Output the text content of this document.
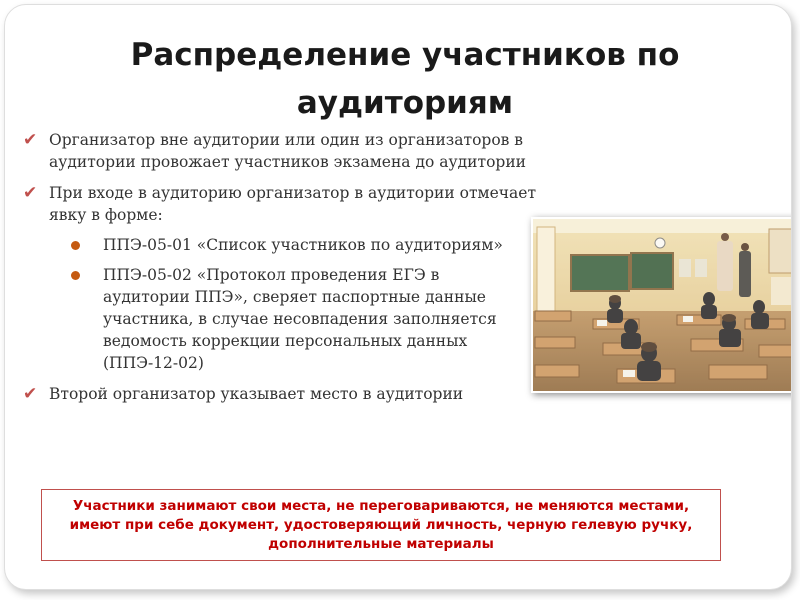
Распределение участников по
аудиториям
✔ Организатор вне аудитории или один из организаторов в аудитории провожает участников экзамена до аудитории
✔ При входе в аудиторию организатор в аудитории отмечает явку в форме:
ППЭ-05-01 «Список участников по аудиториям»
ППЭ-05-02 «Протокол проведения ЕГЭ в аудитории ППЭ», сверяет паспортные данные участника, в случае несовпадения заполняется ведомость коррекции персональных данных (ППЭ-12-02)
✔ Второй организатор указывает место в аудитории
Участники занимают свои места, не переговариваются, не меняются местами, имеют при себе документ, удостоверяющий личность, черную гелевую ручку, дополнительные материалы
